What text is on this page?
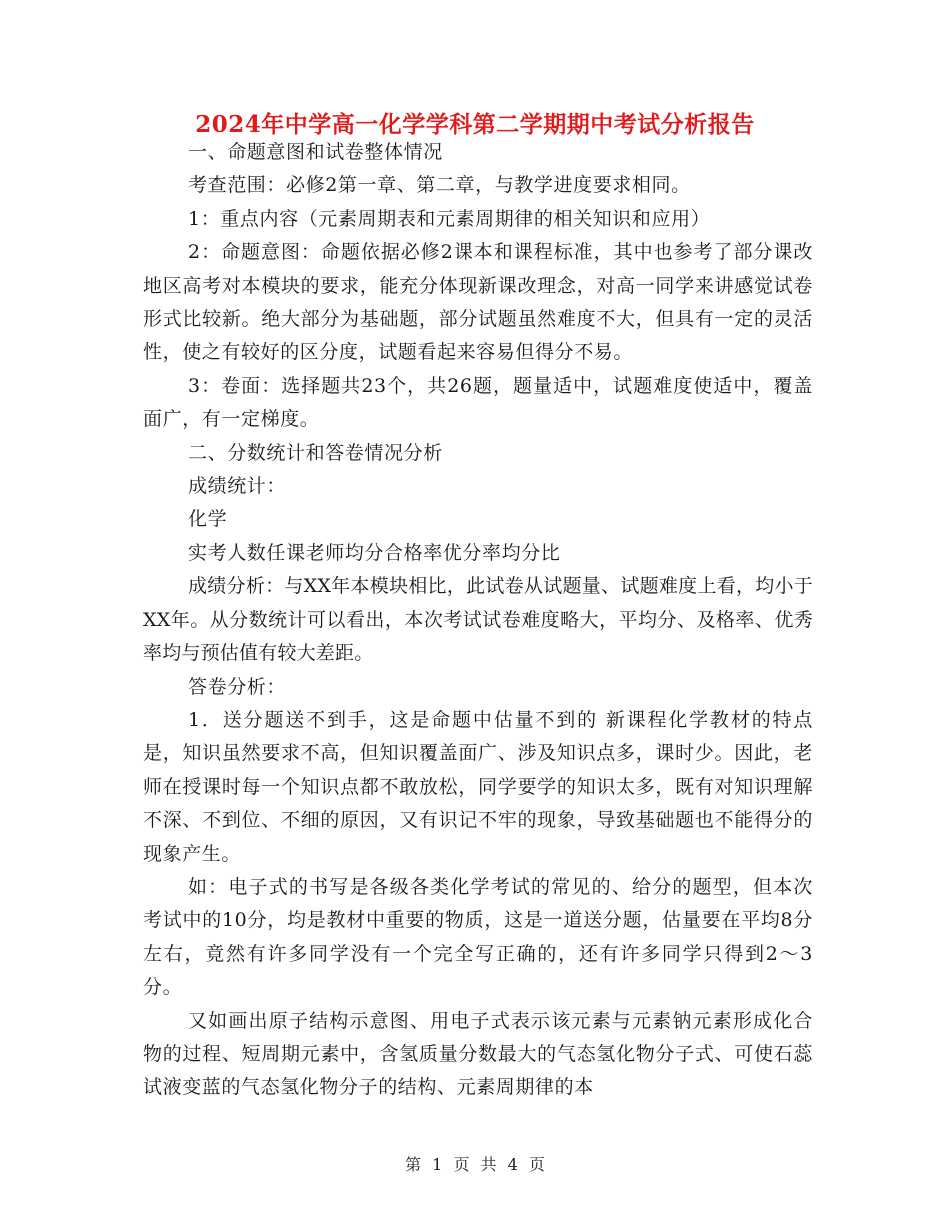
2024年中学高一化学学科第二学期期中考试分析报告

一、命题意图和试卷整体情况

考查范围：必修2第一章、第二章，与教学进度要求相同。

1：重点内容（元素周期表和元素周期律的相关知识和应用）

2：命题意图：命题依据必修2课本和课程标准，其中也参考了部分课改地区高考对本模块的要求，能充分体现新课改理念，对高一同学来讲感觉试卷形式比较新。绝大部分为基础题，部分试题虽然难度不大，但具有一定的灵活性，使之有较好的区分度，试题看起来容易但得分不易。

3：卷面：选择题共23个，共26题，题量适中，试题难度使适中，覆盖面广，有一定梯度。

二、分数统计和答卷情况分析

成绩统计：

化学

实考人数任课老师均分合格率优分率均分比

成绩分析：与XX年本模块相比，此试卷从试题量、试题难度上看，均小于XX年。从分数统计可以看出，本次考试试卷难度略大，平均分、及格率、优秀率均与预估值有较大差距。

答卷分析：

1．送分题送不到手，这是命题中估量不到的 新课程化学教材的特点是，知识虽然要求不高，但知识覆盖面广、涉及知识点多，课时少。因此，老师在授课时每一个知识点都不敢放松，同学要学的知识太多，既有对知识理解不深、不到位、不细的原因，又有识记不牢的现象，导致基础题也不能得分的现象产生。

如：电子式的书写是各级各类化学考试的常见的、给分的题型，但本次考试中的10分，均是教材中重要的物质，这是一道送分题，估量要在平均8分左右，竟然有许多同学没有一个完全写正确的，还有许多同学只得到2～3分。

又如画出原子结构示意图、用电子式表示该元素与元素钠元素形成化合物的过程、短周期元素中，含氢质量分数最大的气态氢化物分子式、可使石蕊试液变蓝的气态氢化物分子的结构、元素周期律的本

第 1 页 共 4 页
